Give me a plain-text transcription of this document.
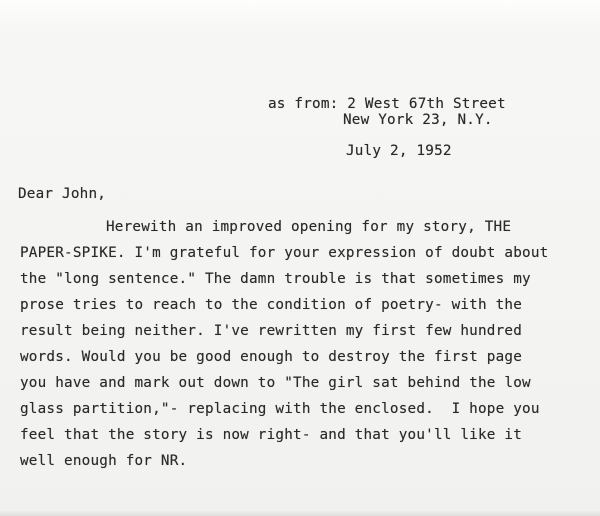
as from: 2 West 67th Street
New York 23, N.Y.
July 2, 1952
Dear John,
Herewith an improved opening for my story, THE
PAPER-SPIKE. I'm grateful for your expression of doubt about
the "long sentence." The damn trouble is that sometimes my
prose tries to reach to the condition of poetry- with the
result being neither. I've rewritten my first few hundred
words. Would you be good enough to destroy the first page
you have and mark out down to "The girl sat behind the low
glass partition,"- replacing with the enclosed.  I hope you
feel that the story is now right- and that you'll like it
well enough for NR.
